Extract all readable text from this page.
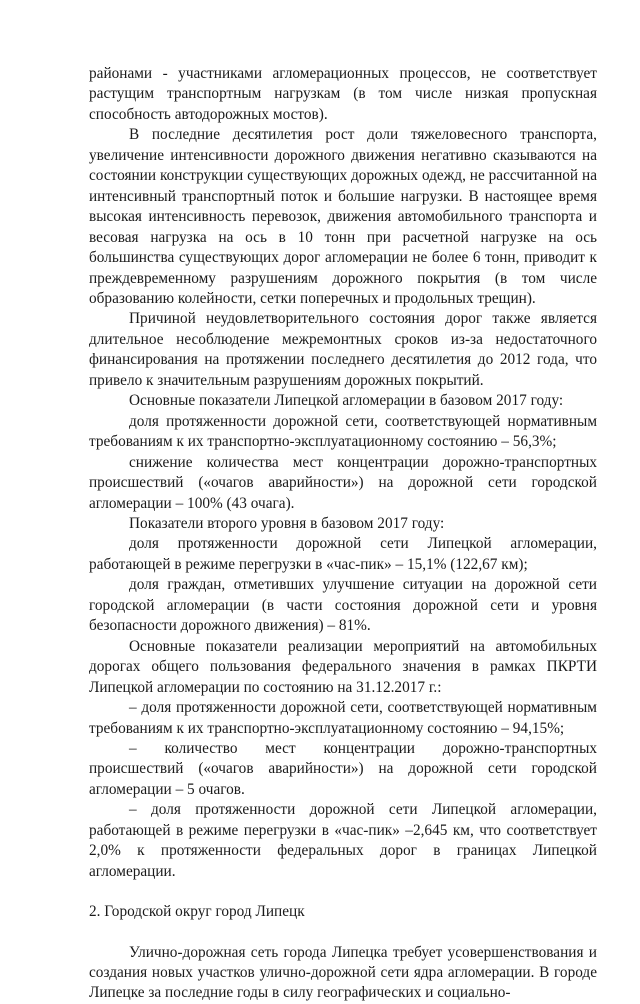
районами - участниками агломерационных процессов, не соответствует растущим транспортным нагрузкам (в том числе низкая пропускная способность автодорожных мостов).

В последние десятилетия рост доли тяжеловесного транспорта, увеличение интенсивности дорожного движения негативно сказываются на состоянии конструкции существующих дорожных одежд, не рассчитанной на интенсивный транспортный поток и большие нагрузки. В настоящее время высокая интенсивность перевозок, движения автомобильного транспорта и весовая нагрузка на ось в 10 тонн при расчетной нагрузке на ось большинства существующих дорог агломерации не более 6 тонн, приводит к преждевременному разрушениям дорожного покрытия (в том числе образованию колейности, сетки поперечных и продольных трещин).

Причиной неудовлетворительного состояния дорог также является длительное несоблюдение межремонтных сроков из-за недостаточного финансирования на протяжении последнего десятилетия до 2012 года, что привело к значительным разрушениям дорожных покрытий.

Основные показатели Липецкой агломерации в базовом 2017 году:

доля протяженности дорожной сети, соответствующей нормативным требованиям к их транспортно-эксплуатационному состоянию – 56,3%;

снижение количества мест концентрации дорожно-транспортных происшествий («очагов аварийности») на дорожной сети городской агломерации – 100% (43 очага).

Показатели второго уровня в базовом 2017 году:

доля протяженности дорожной сети Липецкой агломерации, работающей в режиме перегрузки в «час-пик» – 15,1% (122,67 км);

доля граждан, отметивших улучшение ситуации на дорожной сети городской агломерации (в части состояния дорожной сети и уровня безопасности дорожного движения) – 81%.

Основные показатели реализации мероприятий на автомобильных дорогах общего пользования федерального значения в рамках ПКРТИ Липецкой агломерации по состоянию на 31.12.2017 г.:

– доля протяженности дорожной сети, соответствующей нормативным требованиям к их транспортно-эксплуатационному состоянию – 94,15%;

– количество мест концентрации дорожно-транспортных происшествий («очагов аварийности») на дорожной сети городской агломерации – 5 очагов.

– доля протяженности дорожной сети Липецкой агломерации, работающей в режиме перегрузки в «час-пик» –2,645 км, что соответствует 2,0% к протяженности федеральных дорог в границах Липецкой агломерации.

2. Городской округ город Липецк

Улично-дорожная сеть города Липецка требует усовершенствования и создания новых участков улично-дорожной сети ядра агломерации. В городе Липецке за последние годы в силу географических и социально-
